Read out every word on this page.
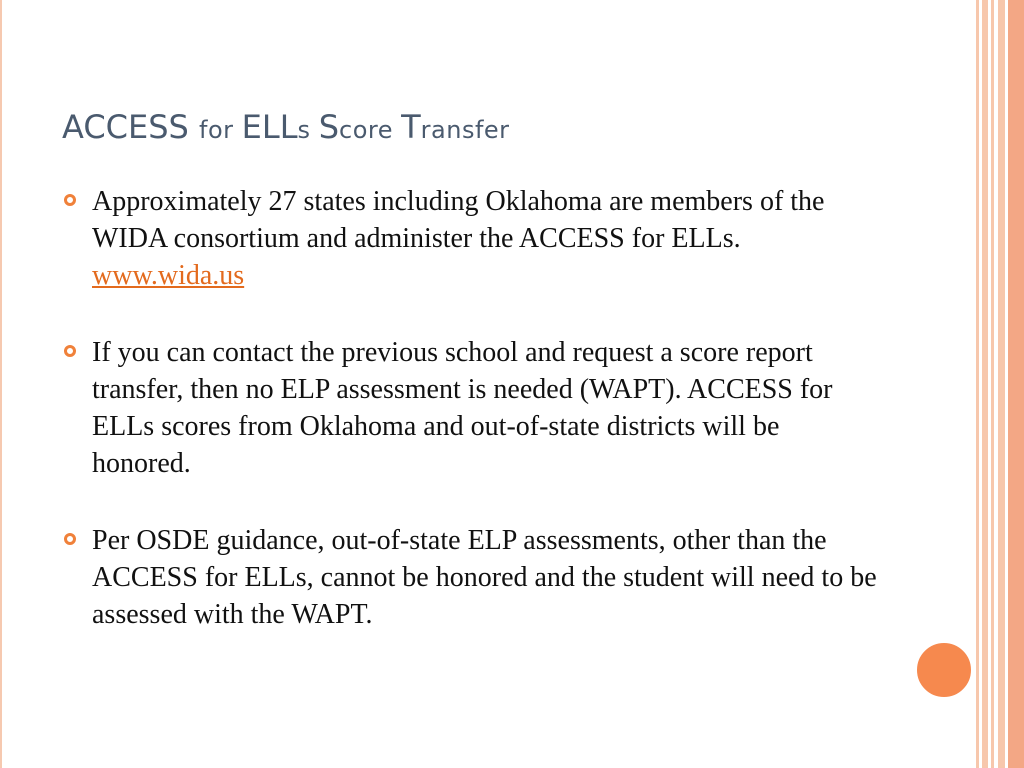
ACCESS for ELLs Score Transfer
Approximately 27 states including Oklahoma are members of the WIDA consortium and administer the ACCESS for ELLs. www.wida.us
If you can contact the previous school and request a score report transfer, then no ELP assessment is needed (WAPT). ACCESS for ELLs scores from Oklahoma and out-of-state districts will be honored.
Per OSDE guidance, out-of-state ELP assessments, other than the ACCESS for ELLs, cannot be honored and the student will need to be assessed with the WAPT.
